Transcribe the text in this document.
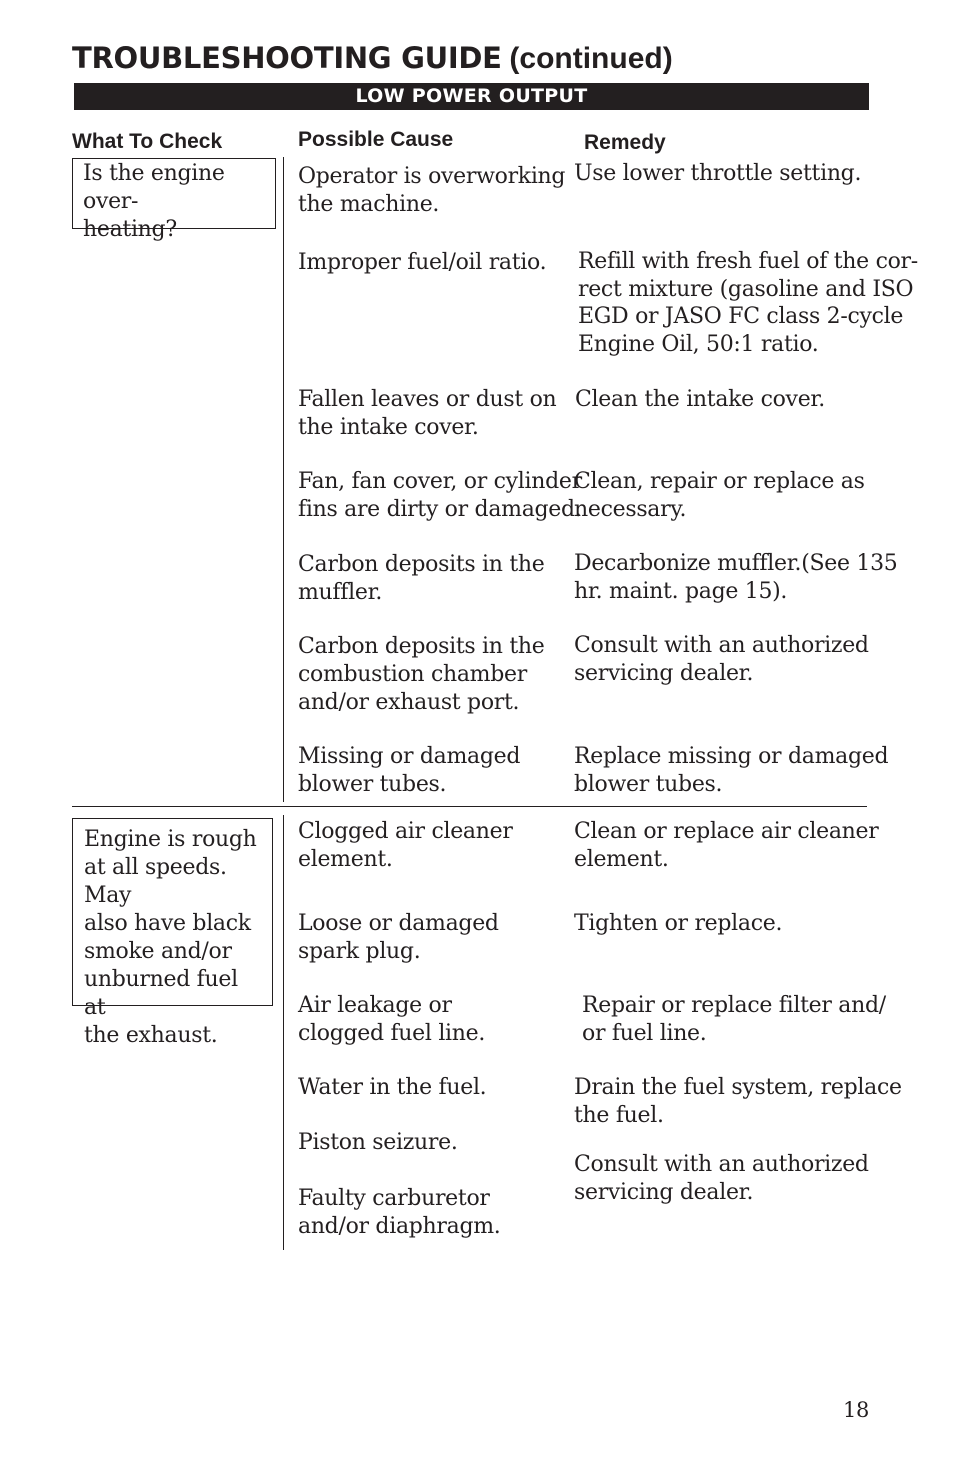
TROUBLESHOOTING GUIDE (continued)
LOW POWER OUTPUT
What To Check	Possible Cause	Remedy
Is the engine over-
heating?
Engine is rough
at all speeds. May
also have black
smoke and/or
unburned fuel at
the exhaust.
Operator is overworking
the machine.
Improper fuel/oil ratio.
Fallen leaves or dust on
the intake cover.
Fan, fan cover, or cylinder
fins are dirty or damaged.
Carbon deposits in the
muffler.
Carbon deposits in the
combustion chamber
and/or exhaust port.
Missing or damaged
blower tubes.
Use lower throttle setting.
Refill with fresh fuel of the cor-
rect mixture (gasoline and ISO
EGD or JASO FC class 2-cycle
Engine Oil, 50:1 ratio.
Clean the intake cover.
Clean, repair or replace as
necessary.
Decarbonize muffler.(See 135
hr. maint. page 15).
Consult with an authorized
servicing dealer.
Replace missing or damaged
blower tubes.
Clogged air cleaner
element.
Loose or damaged
spark plug.
Air leakage or
clogged fuel line.
Water in the fuel.
Piston seizure.
Faulty carburetor
and/or diaphragm.
Clean or replace air cleaner
element.
Tighten or replace.
Repair or replace filter and/
or fuel line.
Drain the fuel system, replace
the fuel.
Consult with an authorized
servicing dealer.
18
